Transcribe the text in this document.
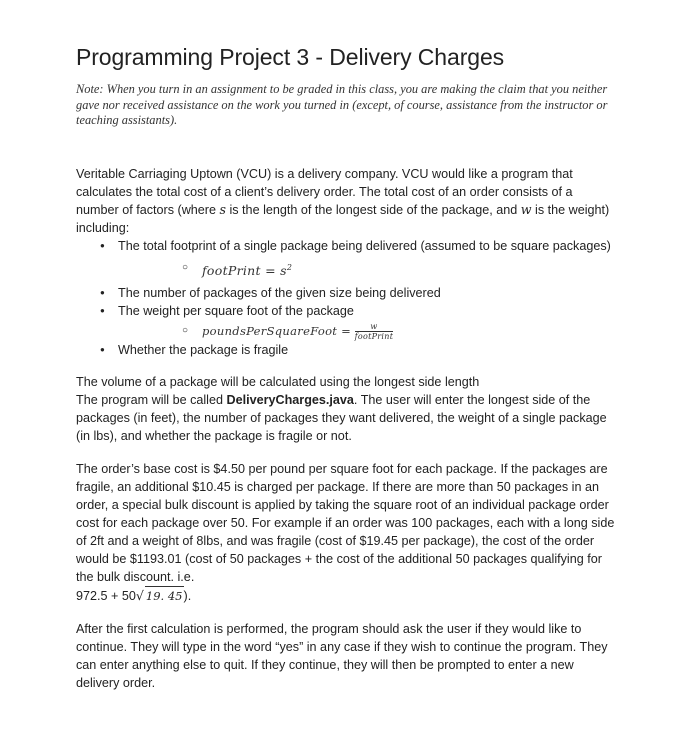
Programming Project 3 - Delivery Charges

Note: When you turn in an assignment to be graded in this class, you are making the claim that you neither gave nor received assistance on the work you turned in (except, of course, assistance from the instructor or teaching assistants).

Veritable Carriaging Uptown (VCU) is a delivery company. VCU would like a program that calculates the total cost of a client’s delivery order. The total cost of an order consists of a number of factors (where s is the length of the longest side of the package, and w is the weight) including:

● The total footprint of a single package being delivered (assumed to be square packages)
○ footPrint = $s^2$
● The number of packages of the given size being delivered
● The weight per square foot of the package
○ poundsPerSquareFoot = $\frac{w}{\text{footPrint}}$
● Whether the package is fragile

The volume of a package will be calculated using the longest side length
The program will be called DeliveryCharges.java. The user will enter the longest side of the packages (in feet), the number of packages they want delivered, the weight of a single package (in lbs), and whether the package is fragile or not.

The order’s base cost is $4.50 per pound per square foot for each package. If the packages are fragile, an additional $10.45 is charged per package. If there are more than 50 packages in an order, a special bulk discount is applied by taking the square root of an individual package order cost for each package over 50. For example if an order was 100 packages, each with a long side of 2ft and a weight of 8lbs, and was fragile (cost of $19.45 per package), the cost of the order would be $1193.01 (cost of 50 packages + the cost of the additional 50 packages qualifying for the bulk discount. i.e.
972.5 + 50√ 19. 45).

After the first calculation is performed, the program should ask the user if they would like to continue. They will type in the word “yes” in any case if they wish to continue the program. They can enter anything else to quit. If they continue, they will then be prompted to enter a new delivery order.
